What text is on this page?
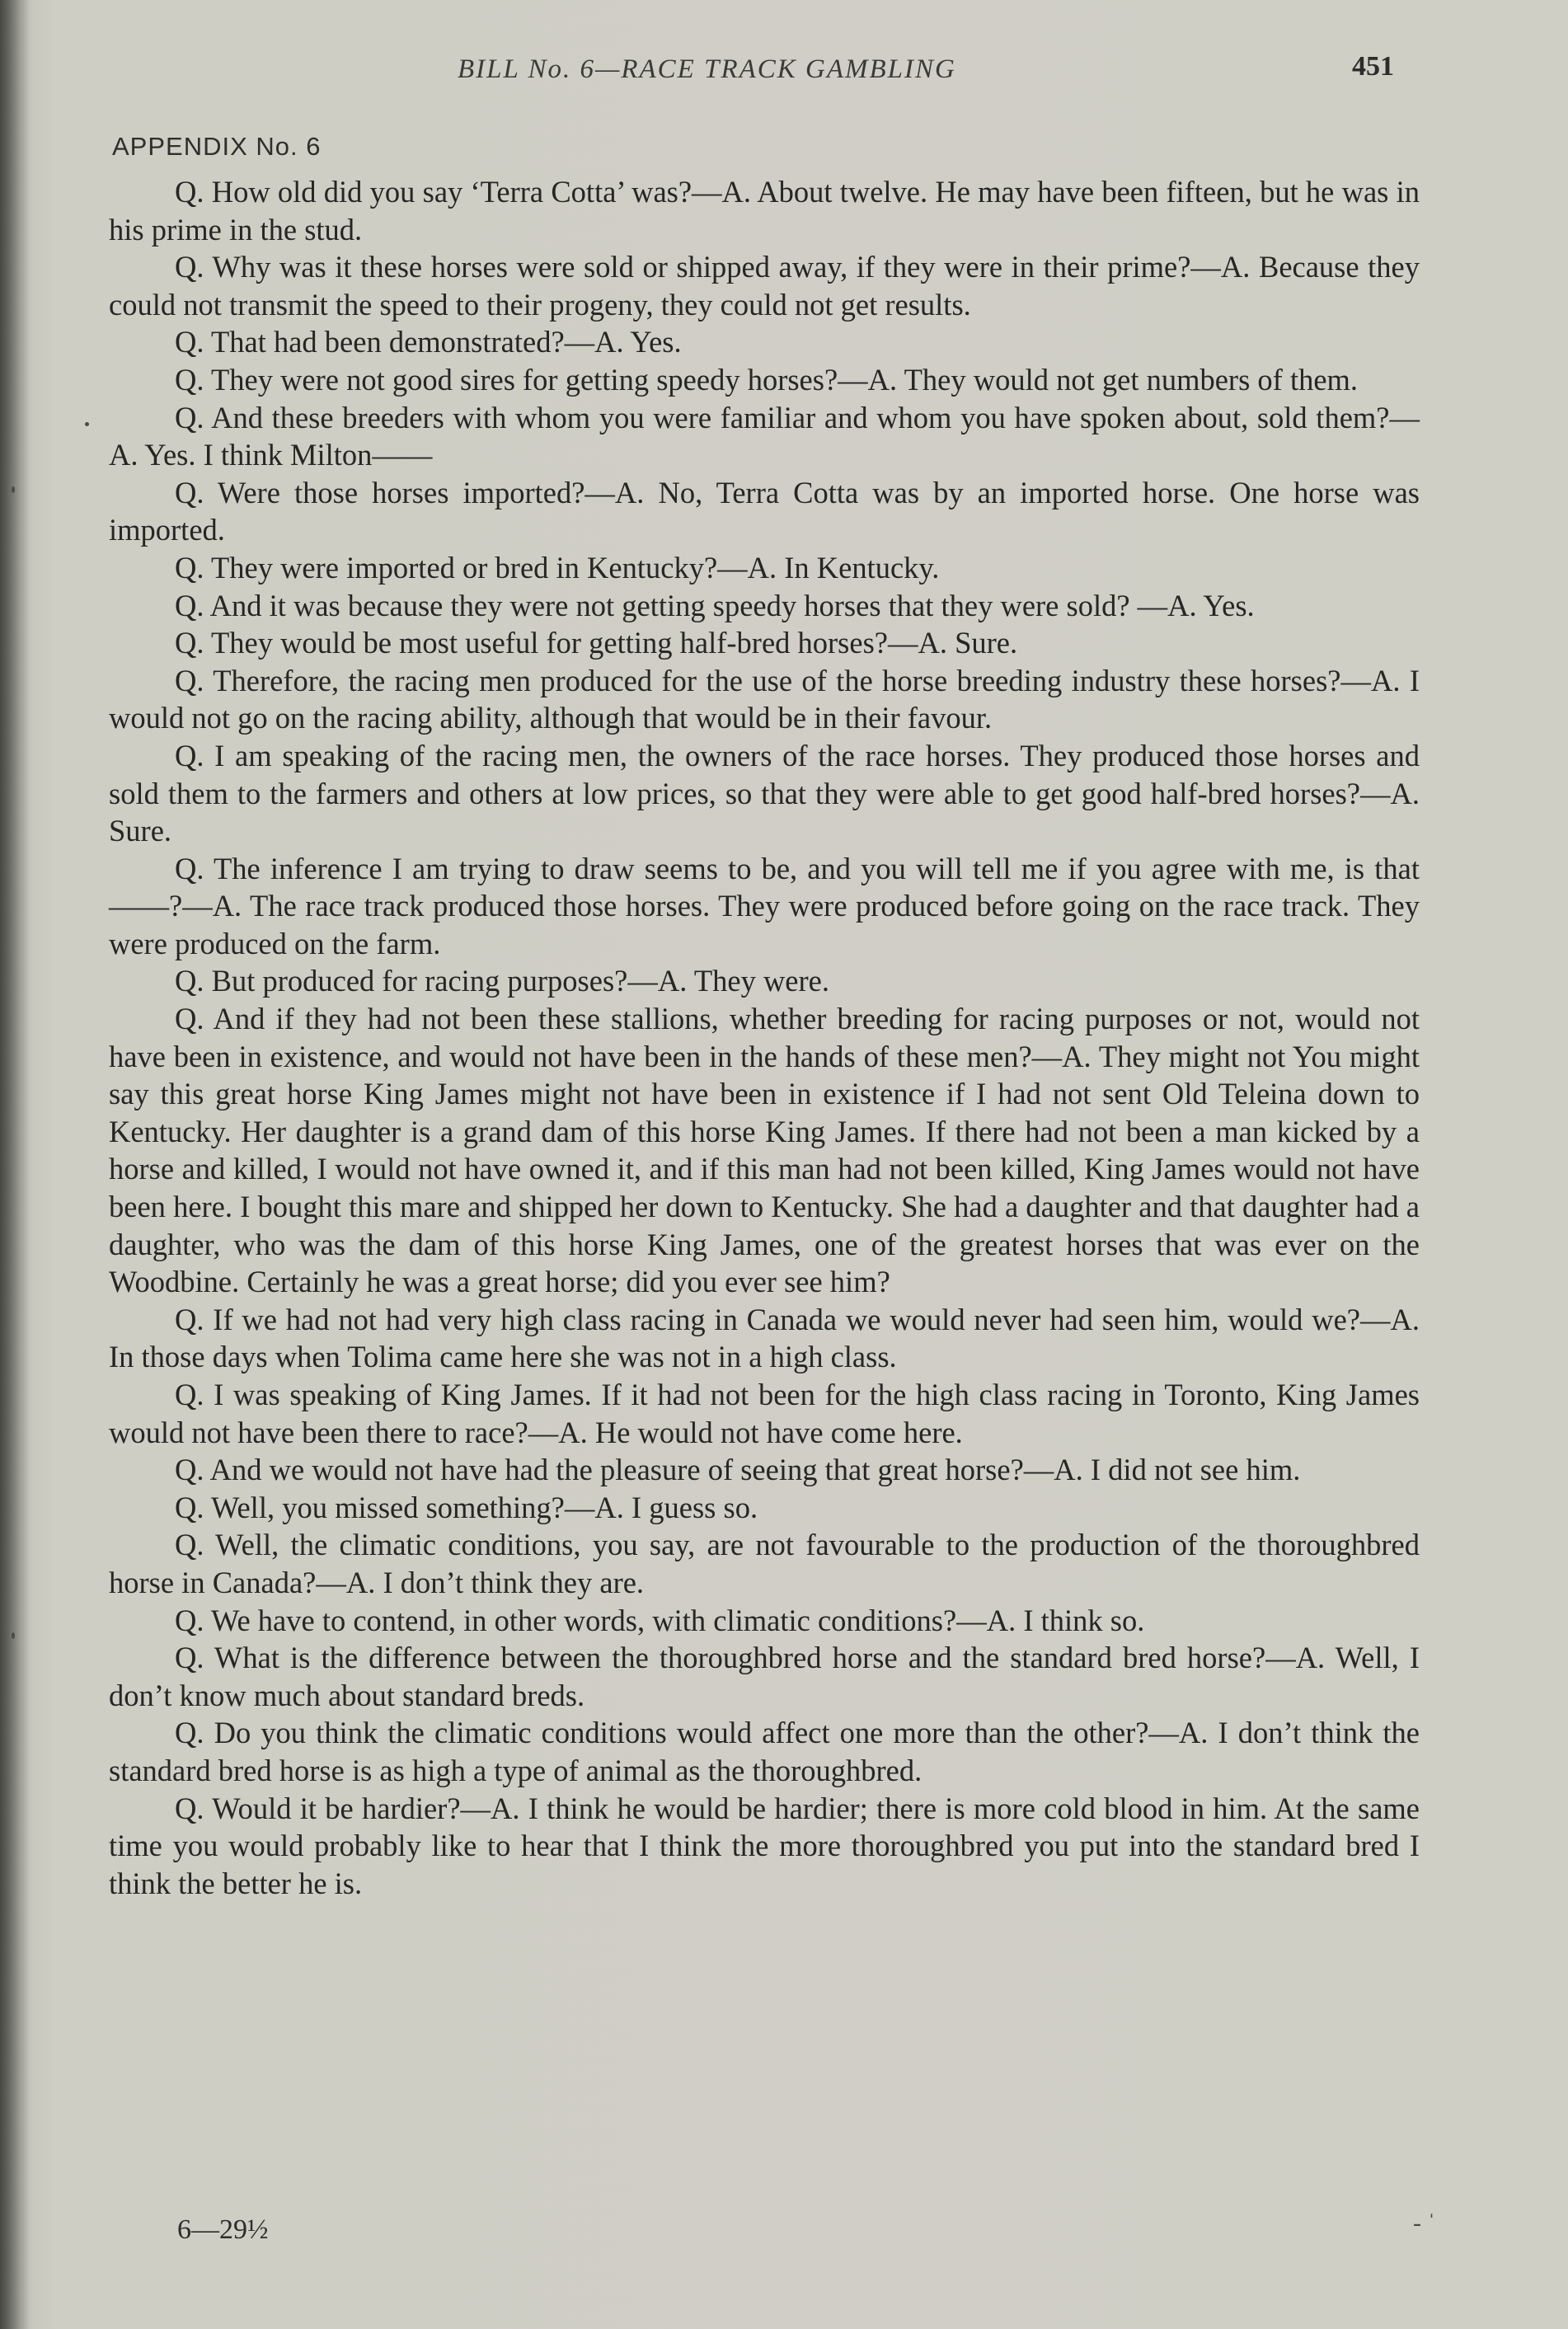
BILL No. 6—RACE TRACK GAMBLING	451
APPENDIX No. 6

Q. How old did you say ‘Terra Cotta’ was?—A. About twelve. He may have been fifteen, but he was in his prime in the stud.

Q. Why was it these horses were sold or shipped away, if they were in their prime?—A. Because they could not transmit the speed to their progeny, they could not get results.

Q. That had been demonstrated?—A. Yes.

Q. They were not good sires for getting speedy horses?—A. They would not get numbers of them.

Q. And these breeders with whom you were familiar and whom you have spoken about, sold them?—A. Yes. I think Milton——

Q. Were those horses imported?—A. No, Terra Cotta was by an imported horse. One horse was imported.

Q. They were imported or bred in Kentucky?—A. In Kentucky.

Q. And it was because they were not getting speedy horses that they were sold? —A. Yes.

Q. They would be most useful for getting half-bred horses?—A. Sure.

Q. Therefore, the racing men produced for the use of the horse breeding industry these horses?—A. I would not go on the racing ability, although that would be in their favour.

Q. I am speaking of the racing men, the owners of the race horses. They produced those horses and sold them to the farmers and others at low prices, so that they were able to get good half-bred horses?—A. Sure.

Q. The inference I am trying to draw seems to be, and you will tell me if you agree with me, is that——?—A. The race track produced those horses. They were produced before going on the race track. They were produced on the farm.

Q. But produced for racing purposes?—A. They were.

Q. And if they had not been these stallions, whether breeding for racing purposes or not, would not have been in existence, and would not have been in the hands of these men?—A. They might not You might say this great horse King James might not have been in existence if I had not sent Old Teleina down to Kentucky. Her daughter is a grand dam of this horse King James. If there had not been a man kicked by a horse and killed, I would not have owned it, and if this man had not been killed, King James would not have been here. I bought this mare and shipped her down to Kentucky. She had a daughter and that daughter had a daughter, who was the dam of this horse King James, one of the greatest horses that was ever on the Woodbine. Certainly he was a great horse; did you ever see him?

Q. If we had not had very high class racing in Canada we would never had seen him, would we?—A. In those days when Tolima came here she was not in a high class.

Q. I was speaking of King James. If it had not been for the high class racing in Toronto, King James would not have been there to race?—A. He would not have come here.

Q. And we would not have had the pleasure of seeing that great horse?—A. I did not see him.

Q. Well, you missed something?—A. I guess so.

Q. Well, the climatic conditions, you say, are not favourable to the production of the thoroughbred horse in Canada?—A. I don’t think they are.

Q. We have to contend, in other words, with climatic conditions?—A. I think so.

Q. What is the difference between the thoroughbred horse and the standard bred horse?—A. Well, I don’t know much about standard breds.

Q. Do you think the climatic conditions would affect one more than the other?—A. I don’t think the standard bred horse is as high a type of animal as the thoroughbred.

Q. Would it be hardier?—A. I think he would be hardier; there is more cold blood in him. At the same time you would probably like to hear that I think the more thoroughbred you put into the standard bred I think the better he is.

6—29½	- ˈ
